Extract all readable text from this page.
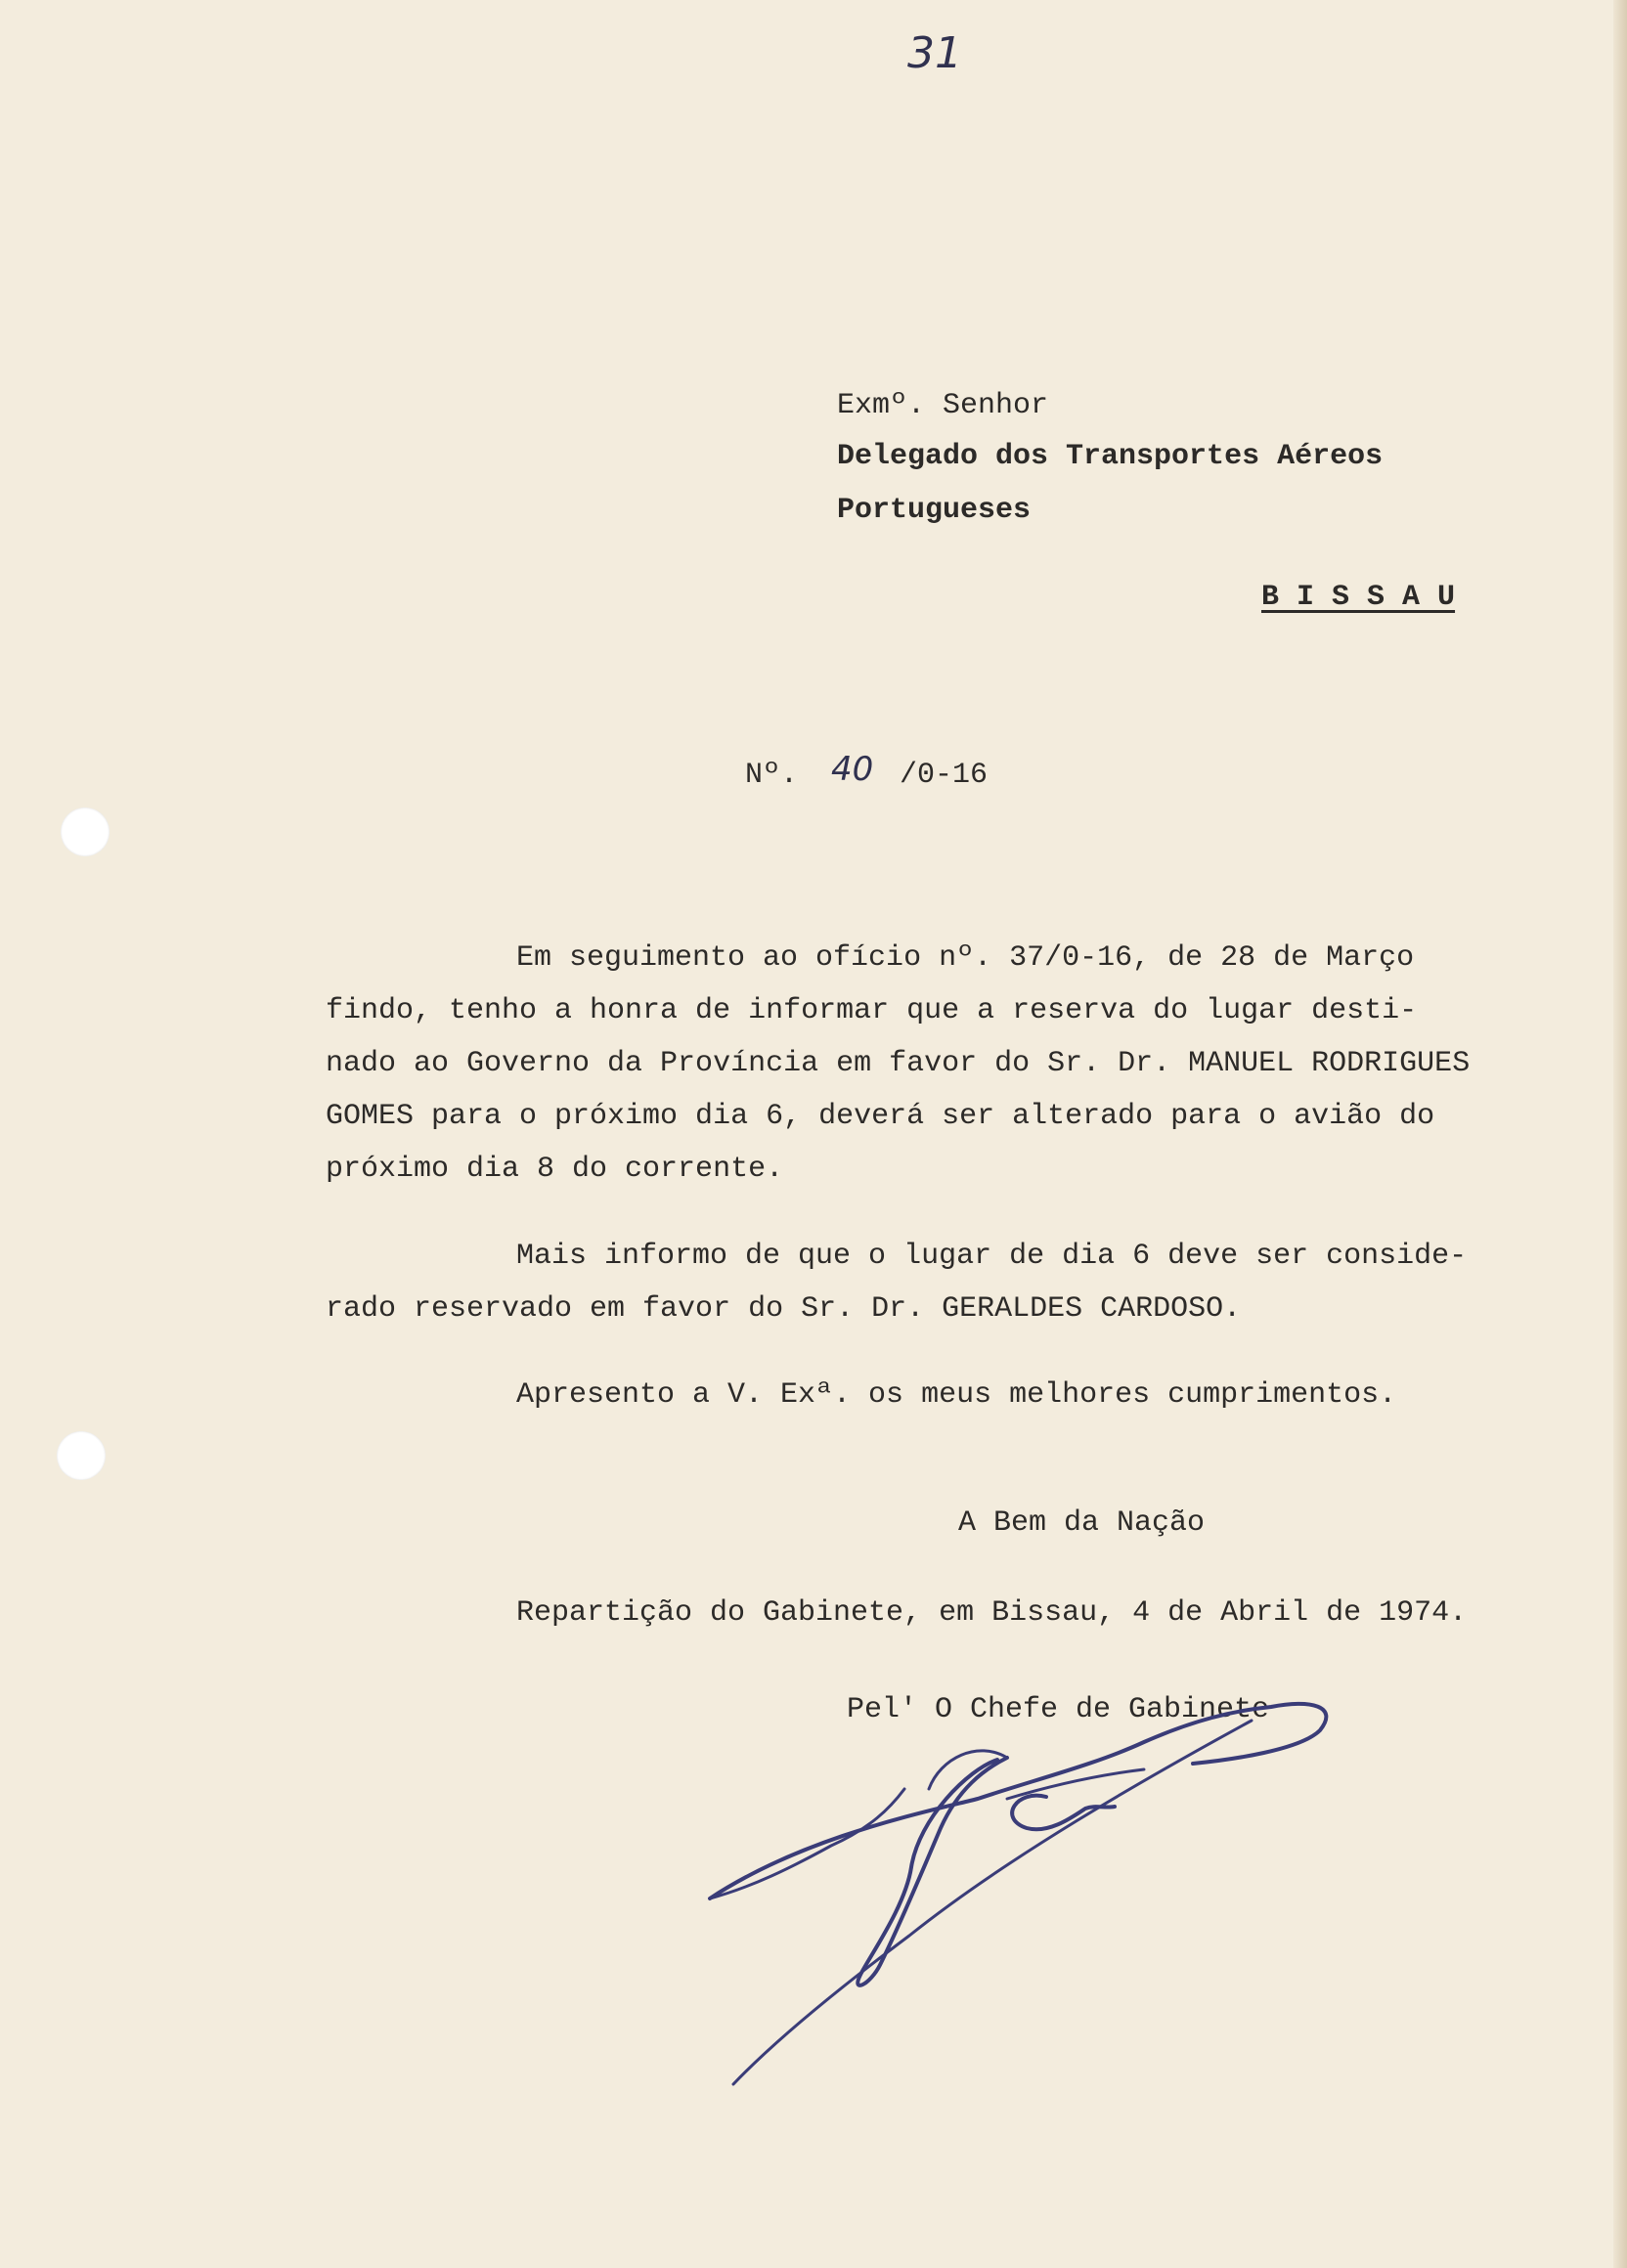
31
Exmº. Senhor
Delegado dos Transportes Aéreos
Portugueses
B I S S A U
Nº. 40 /0-16
Em seguimento ao ofício nº. 37/0-16, de 28 de Março
findo, tenho a honra de informar que a reserva do lugar desti-
nado ao Governo da Província em favor do Sr. Dr. MANUEL RODRIGUES
GOMES para o próximo dia 6, deverá ser alterado para o avião do
próximo dia 8 do corrente.
Mais informo de que o lugar de dia 6 deve ser conside-
rado reservado em favor do Sr. Dr. GERALDES CARDOSO.
Apresento a V. Exª. os meus melhores cumprimentos.
A Bem da Nação
Repartição do Gabinete, em Bissau, 4 de Abril de 1974.
Pel' O Chefe de Gabinete
